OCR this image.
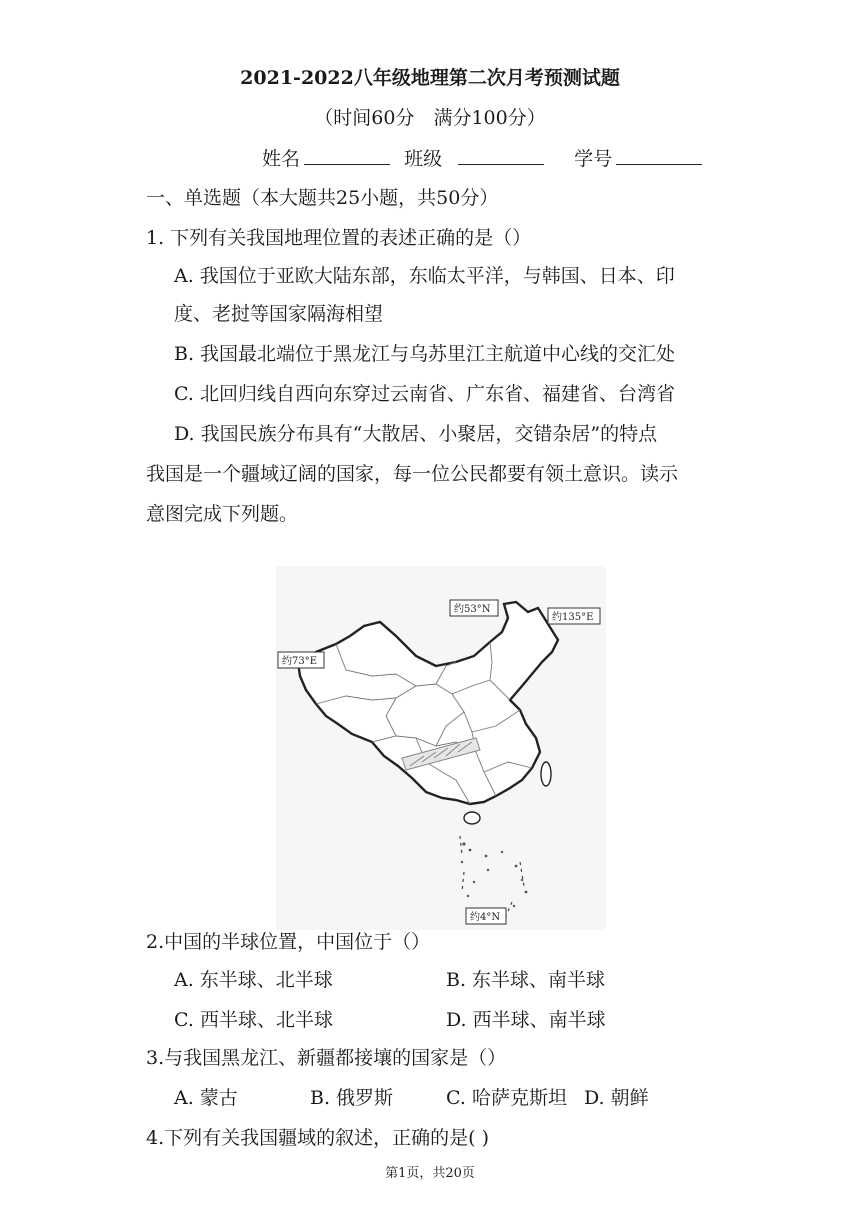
2021-2022八年级地理第二次月考预测试题
（时间60分　满分100分）
姓名	班级	学号
一、单选题（本大题共25小题，共50分）
1. 下列有关我国地理位置的表述正确的是（）
A. 我国位于亚欧大陆东部，东临太平洋，与韩国、日本、印
度、老挝等国家隔海相望
B. 我国最北端位于黑龙江与乌苏里江主航道中心线的交汇处
C. 北回归线自西向东穿过云南省、广东省、福建省、台湾省
D. 我国民族分布具有“大散居、小聚居，交错杂居”的特点
我国是一个疆域辽阔的国家，每一位公民都要有领土意识。读示
意图完成下列题。
约53°N
约135°E
约73°E
约4°N
2.中国的半球位置，中国位于（）
A. 东半球、北半球	B. 东半球、南半球
C. 西半球、北半球	D. 西半球、南半球
3.与我国黑龙江、新疆都接壤的国家是（）
A. 蒙古	B. 俄罗斯	C. 哈萨克斯坦 D. 朝鲜
4.下列有关我国疆域的叙述，正确的是( )
第1页，共20页
